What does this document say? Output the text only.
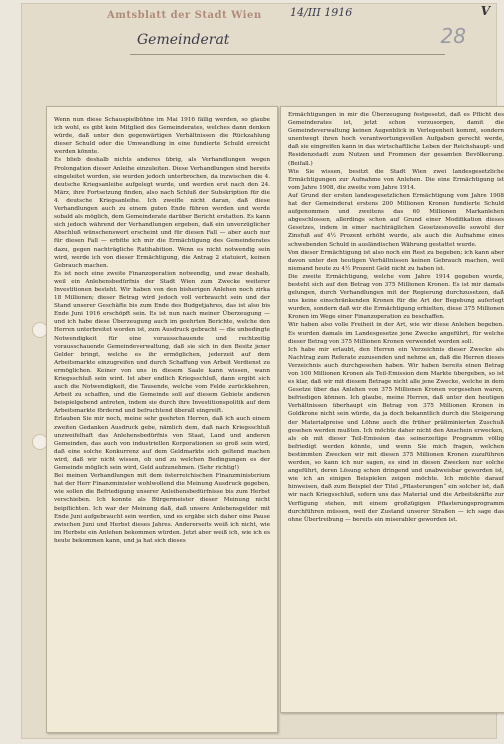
Amtsblatt der Stadt Wien	14/III 1916	V
28
Gemeinderat

Wenn nun diese Schauspielbühne im Mai 1916 fällig werden, so glaube ich wohl, es gibt kein Mitglied des Gemeinderates, welches dann denken würde, daß unter den gegenwärtigen Verhältnissen die Rückzahlung dieser Schuld oder die Umwandlung in eine fundierte Schuld erreicht werden könnte.

Es blieb deshalb nichts anderes übrig, als Verhandlungen wegen Prolongation dieser Anleihe einzuleiten. Diese Verhandlungen sind bereits eingeleitet worden, sie wurden jedoch unterbrochen, da inzwischen die 4. deutsche Kriegsanleihe aufgelegt wurde, und werden erst nach den 24. März, ihre Fortsetzung finden, also nach Schluß der Subskription für die 4. deutsche Kriegsanleihe. Ich zweifle nicht daran, daß diese Verhandlungen auch zu einem guten Ende führen werden und werde sobald als möglich, dem Gemeinderate darüber Bericht erstatten. Es kann sich jedoch während der Verhandlungen ergeben, daß ein unverzüglicher Abschluß wünschenswert erscheint und für diesen Fall — aber auch nur für diesen Fall — erbitte ich mir die Ermächtigung des Gemeinderates dazu, gegen nachträgliche Ratihabition. Wenn es nicht notwendig sein wird, werde ich von dieser Ermächtigung, die Antrag 2 statuiert, keinen Gebrauch machen.

Es ist noch eine zweite Finanzoperation notwendig, und zwar deshalb, weil ein Anlehensbedürfnis der Stadt Wien zum Zwecke weiterer Investitionen besteht. Wir haben von den bisherigen Anlehen noch zirka 18 Millionen; dieser Betrag wird jedoch voll verbraucht sein und der Stand unserer Geschäfte bis zum Ende des Budgetjahres, das ist also bis Ende Juni 1916 erschöpft sein. Es ist nun nach meiner Überzeugung — und ich habe diese Überzeugung auch im geehrten Berichte, welche den Herren unterbreitet worden ist, zum Ausdruck gebracht — die unbedingte Notwendigkeit für eine vorausschauende und rechtzeitig vorausschauende Gemeindeverwaltung, daß sie sich in den Besitz jener Gelder bringt, welche es ihr ermöglichen, jederzeit auf dem Arbeitsmarkte einzugreifen und durch Schaffung von Arbeit Verdienst zu ermöglichen. Keiner von uns in diesem Saale kann wissen, wann Kriegsschluß sein wird. Ist aber endlich Kriegsschluß, dann ergibt sich auch die Notwendigkeit, die Tausende, welche vom Felde zurückkehren, Arbeit zu schaffen, und die Gemeinde soll auf diesem Gebiete anderen beispielgebend antreten, indem sie durch ihre Investitionspolitik auf dem Arbeitsmarkte fördernd und befruchtend überall eingreift.

Erlauben Sie mir noch, meine sehr geehrten Herren, daß ich auch einem zweiten Gedanken Ausdruck gebe, nämlich dem, daß nach Kriegsschluß unzweifelhaft das Anlehensbedürfnis von Staat, Land und anderen Gemeinden, das auch von industriellen Korporationen so groß sein wird, daß eine solche Konkurrenz auf dem Geldmarkte sich geltend machen wird, daß wir nicht wissen, ob und zu welchen Bedingungen es der Gemeinde möglich sein wird, Geld aufzunehmen. (Sehr richtig!)

Bei meinen Verhandlungen mit dem österreichischen Finanzministerium hat der Herr Finanzminister wohlwollend die Meinung Ausdruck gegeben, wie sollen die Befriedigung unserer Anleihensbedürfnisse bis zum Herbst verschieben. Ich konnte als Bürgermeister dieser Meinung nicht beipflichten. Ich war der Meinung daß, daß unsere Anlehensgelder mit Ende Juni aufgebraucht sein werden, und es ergäbe sich daher eine Pause zwischen Juni und Herbst dieses Jahres. Andererseits weiß ich nicht, wie im Herbste ein Anlehen bekommen würden. Jetzt aber weiß ich, wie ich es heute bekommen kann, und ja hat sich dieses

Ermächtigungen in mir die Überzeugung festgesetzt, daß es Pflicht des Gemeinderates ist, jetzt schon vorzusorgen, damit die Gemeindeverwaltung keinen Augenblick in Verlegenheit kommt, sondern unentwegt ihren hoch verantwortungsvollen Aufgaben gerecht werde, daß sie eingreifen kann in das wirtschaftliche Leben der Reichshaupt- und Residenzstadt zum Nutzen und Frommen der gesamten Bevölkerung. (Beifall.)

Wie Sie wissen, besitzt die Stadt Wien zwei landesgesetzliche Ermächtigungen zur Aufnahme von Anlehen. Die eine Ermächtigung ist vom Jahre 1908, die zweite vom Jahre 1914.

Auf Grund der ersten landesgesetzlichen Ermächtigung vom Jahre 1908 hat der Gemeinderat erstens 200 Millionen Kronen fundierte Schuld aufgenommen und zweitens das 60 Millionen Markanlehen abgeschlossen, allerdings schon auf Grund einer Modifikation dieses Gesetzes, indem in einer nachträglichen Gesetzesnovelle sowohl der Zinsfuß auf 4½ Prozent erhöht wurde, als auch die Aufnahme eines schwebenden Schuld in ausländischen Währung gestattet wurde.

Von dieser Ermächtigung ist also noch ein Rest zu begeben; ich kann aber davon unter den heutigen Verhältnissen keinen Gebrauch machen, weil niemand heute zu 4½ Prozent Geld nicht zu haben ist.

Die zweite Ermächtigung, welche vom Jahre 1914 gegeben wurde, besteht sich auf den Betrag von 375 Millionen Kronen. Es ist mir damals gelungen, durch Verhandlungen mit der Regierung durchzusetzen, daß uns keine einschränkenden Kronen für die Art der Begebung auferlegt wurden, sondern daß wir die Ermächtigung erhielten, diese 375 Millionen Kronen im Wege einer Finanzoperation zu beschaffen.

Wir haben also volle Freiheit in der Art, wie wir diese Anlehen begeben. Es wurden damals im Landesgesetze jene Zwecke angeführt, für welche dieser Betrag von 375 Millionen Kronen verwendet werden soll.

Ich habe mir erlaubt, den Herren ein Verzeichnis dieser Zwecke als Nachtrag zum Referate zuzusenden und nehme an, daß die Herren dieses Verzeichnis auch durchgesehen haben. Wir haben bereits einen Betrag von 100 Millionen Kronen als Teil-Emission dem Markte übergeben, so ist es klar, daß wir mit diesem Betrage nicht alle jene Zwecke, welche in dem Gesetze über das Anlehen von 375 Millionen Kronen vorgesehen waren, befriedigen können. Ich glaube, meine Herren, daß unter den heutigen Verhältnissen überhaupt ein Betrag von 375 Millionen Kronen in Goldkrone nicht sein würde, da ja doch bekanntlich durch die Steigerung der Materialpreise und Löhne auch die früher präliminierten Zuschuß gesehen werden mußten. Ich möchte daher nicht den Anschein erwecken, als ob mit dieser Teil-Emission das seinerzeitige Programm völlig befriedigt werden könnte, und wenn Sie mich fragen, welchen bestimmten Zwecken wir mit diesen 375 Millionen Kronen zuzuführen werden, so kann ich nur sagen, es sind in diesen Zwecken nur solche angeführt, deren Lösung schon dringend und unabweisbar geworden ist, wie ich an einigen Beispielen zeigen möchte. Ich möchte darauf hinweisen, daß zum Beispiel der Titel „Pflasterungen“ ein solcher ist, daß wir nach Kriegsschluß, sofern uns das Material und die Arbeitskräfte zur Verfügung stehen, mit einem großzügigen Pflasterungsprogramm durchführen müssen, weil der Zustand unserer Straßen — ich sage das ohne Übertreibung — bereits ein miserabler geworden ist.
